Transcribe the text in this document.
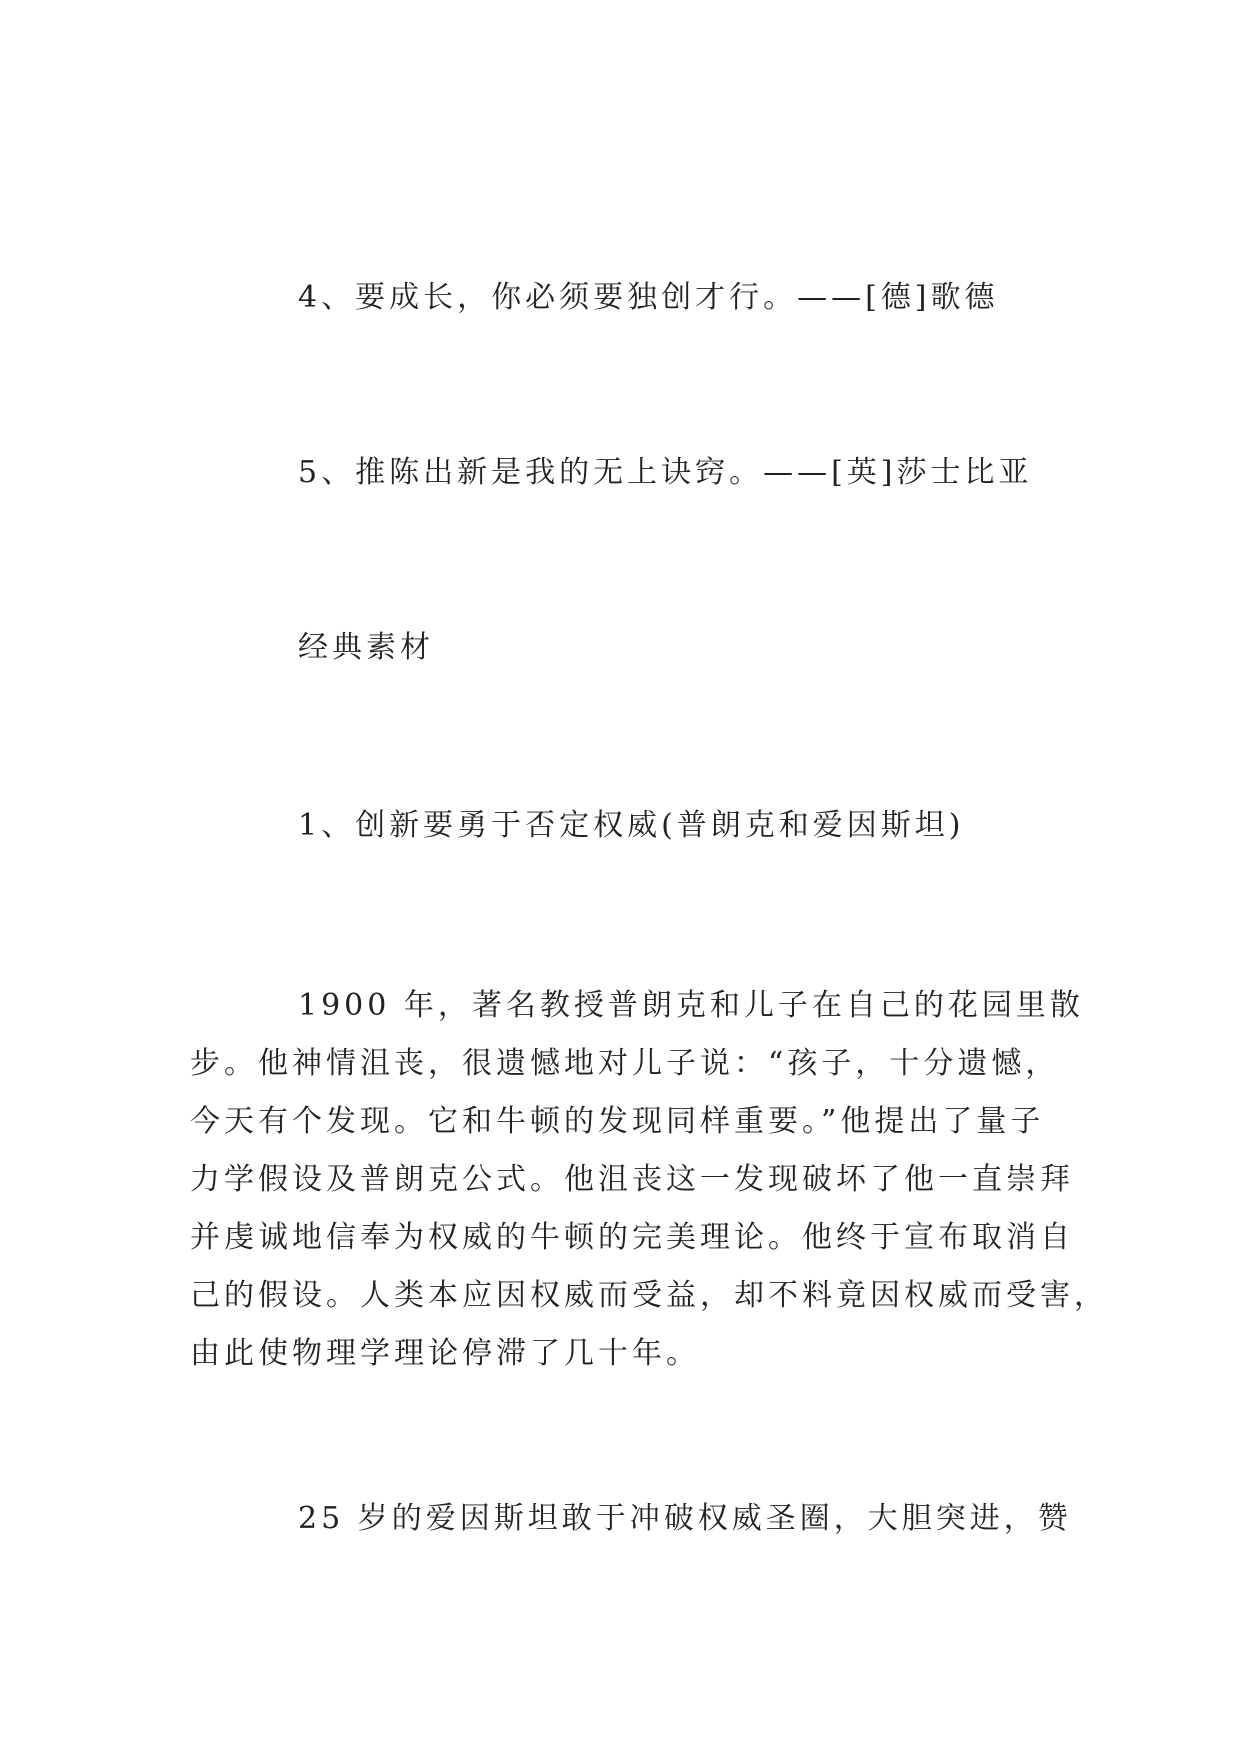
4、要成长，你必须要独创才行。——[德]歌德
5、推陈出新是我的无上诀窍。——[英]莎士比亚
经典素材
1、创新要勇于否定权威(普朗克和爱因斯坦)
1900 年，著名教授普朗克和儿子在自己的花园里散
步。他神情沮丧，很遗憾地对儿子说：“孩子，十分遗憾，
今天有个发现。它和牛顿的发现同样重要。”他提出了量子
力学假设及普朗克公式。他沮丧这一发现破坏了他一直崇拜
并虔诚地信奉为权威的牛顿的完美理论。他终于宣布取消自
己的假设。人类本应因权威而受益，却不料竟因权威而受害，
由此使物理学理论停滞了几十年。
25 岁的爱因斯坦敢于冲破权威圣圈，大胆突进，赞
